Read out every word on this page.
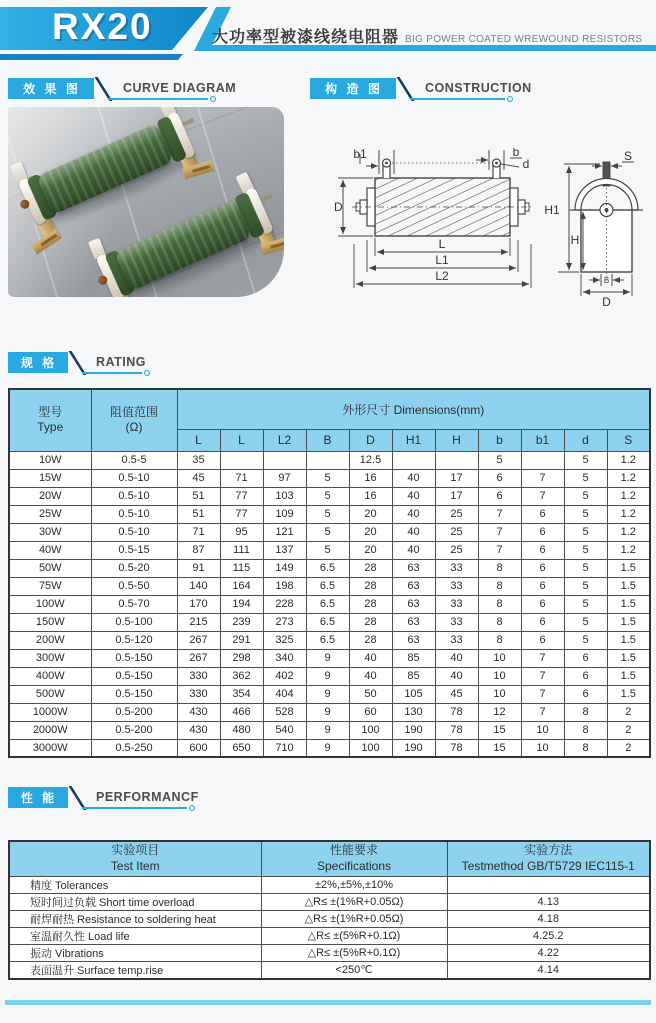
RX20	大功率型被漆线绕电阻器 BIG POWER COATED WREWOUND RESISTORS
效 果 图	CURVE DIAGRAM	构 造 图	CONSTRUCTION
规 格	RATING
性 能	PERFORMANCF
b1	b
d
D
L
L1
L2
S
H1
H
B
D
型号
Type	阻值范围
(Ω)	外形尺寸 Dimensions(mm)										
		L	L	L2	B	D	H1	H	b	b1	d	S
10W	0.5-5	35				12.5			5		5	1.2
15W	0.5-10	45	71	97	5	16	40	17	6	7	5	1.2
20W	0.5-10	51	77	103	5	16	40	17	6	7	5	1.2
25W	0.5-10	51	77	109	5	20	40	25	7	6	5	1.2
30W	0.5-10	71	95	121	5	20	40	25	7	6	5	1.2
40W	0.5-15	87	111	137	5	20	40	25	7	6	5	1.2
50W	0.5-20	91	115	149	6.5	28	63	33	8	6	5	1.5
75W	0.5-50	140	164	198	6.5	28	63	33	8	6	5	1.5
100W	0.5-70	170	194	228	6.5	28	63	33	8	6	5	1.5
150W	0.5-100	215	239	273	6.5	28	63	33	8	6	5	1.5
200W	0.5-120	267	291	325	6.5	28	63	33	8	6	5	1.5
300W	0.5-150	267	298	340	9	40	85	40	10	7	6	1.5
400W	0.5-150	330	362	402	9	40	85	40	10	7	6	1.5
500W	0.5-150	330	354	404	9	50	105	45	10	7	6	1.5
1000W	0.5-200	430	466	528	9	60	130	78	12	7	8	2
2000W	0.5-200	430	480	540	9	100	190	78	15	10	8	2
3000W	0.5-250	600	650	710	9	100	190	78	15	10	8	2
实验项目
Test Item	性能要求
Specifications	实验方法
Testmethod GB/T5729 IEC115-1
精度 Tolerances	±2%,±5%,±10%	
短时间过负载 Short time overload	△R≤ ±(1%R+0.05Ω)	4.13
耐焊耐热 Resistance to soldering heat	△R≤ ±(1%R+0.05Ω)	4.18
室温耐久性 Load life	△R≤ ±(5%R+0.1Ω)	4.25.2
振动 Vibrations	△R≤ ±(5%R+0.1Ω)	4.22
表面温升 Surface temp.rise	<250℃	4.14
